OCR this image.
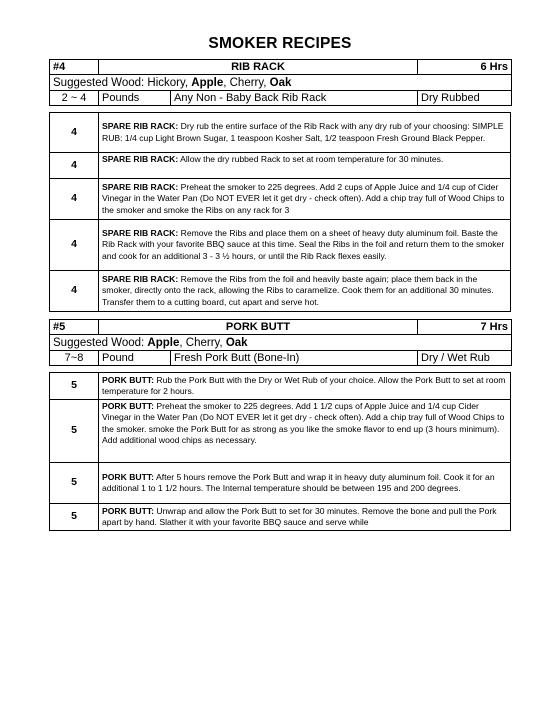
SMOKER RECIPES
#4	RIB RACK		6 Hrs
Suggested Wood: Hickory, Apple, Cherry, Oak			
2 ~ 4	Pounds	Any Non - Baby Back Rib Rack	Dry Rubbed
4	SPARE RIB RACK: Dry rub the entire surface of the Rib Rack with any dry rub of your choosing: SIMPLE RUB: 1/4 cup Light Brown Sugar, 1 teaspoon Kosher Salt, 1/2 teaspoon Fresh Ground Black Pepper.
4	SPARE RIB RACK: Allow the dry rubbed Rack to set at room temperature for 30 minutes.
4	SPARE RIB RACK: Preheat the smoker to 225 degrees. Add 2 cups of Apple Juice and 1/4 cup of Cider Vinegar in the Water Pan (Do NOT EVER let it get dry - check often). Add a chip tray full of Wood Chips to the smoker and smoke the Ribs on any rack for 3
4	SPARE RIB RACK: Remove the Ribs and place them on a sheet of heavy duty aluminum foil. Baste the Rib Rack with your favorite BBQ sauce at this time. Seal the Ribs in the foil and return them to the smoker and cook for an additional 3 - 3 ½ hours, or until the Rib Rack flexes easily.
4	SPARE RIB RACK: Remove the Ribs from the foil and heavily baste again; place them back in the smoker, directly onto the rack, allowing the Ribs to caramelize. Cook them for an additional 30 minutes. Transfer them to a cutting board, cut apart and serve hot.
#5	PORK BUTT		7 Hrs
Suggested Wood: Apple, Cherry, Oak			
7~8	Pound	Fresh Pork Butt (Bone-In)	Dry / Wet Rub
5	PORK BUTT: Rub the Pork Butt with the Dry or Wet Rub of your choice. Allow the Pork Butt to set at room temperature for 2 hours.
5	PORK BUTT: Preheat the smoker to 225 degrees. Add 1 1/2 cups of Apple Juice and 1/4 cup Cider Vinegar in the Water Pan (Do NOT EVER let it get dry - check often). Add a chip tray full of Wood Chips to the smoker. smoke the Pork Butt for as strong as you like the smoke flavor to end up (3 hours minimum). Add additional wood chips as necessary.
5	PORK BUTT: After 5 hours remove the Pork Butt and wrap it in heavy duty aluminum foil. Cook it for an additional 1 to 1 1/2 hours. The Internal temperature should be between 195 and 200 degrees.
5	PORK BUTT: Unwrap and allow the Pork Butt to set for 30 minutes. Remove the bone and pull the Pork apart by hand. Slather it with your favorite BBQ sauce and serve while
